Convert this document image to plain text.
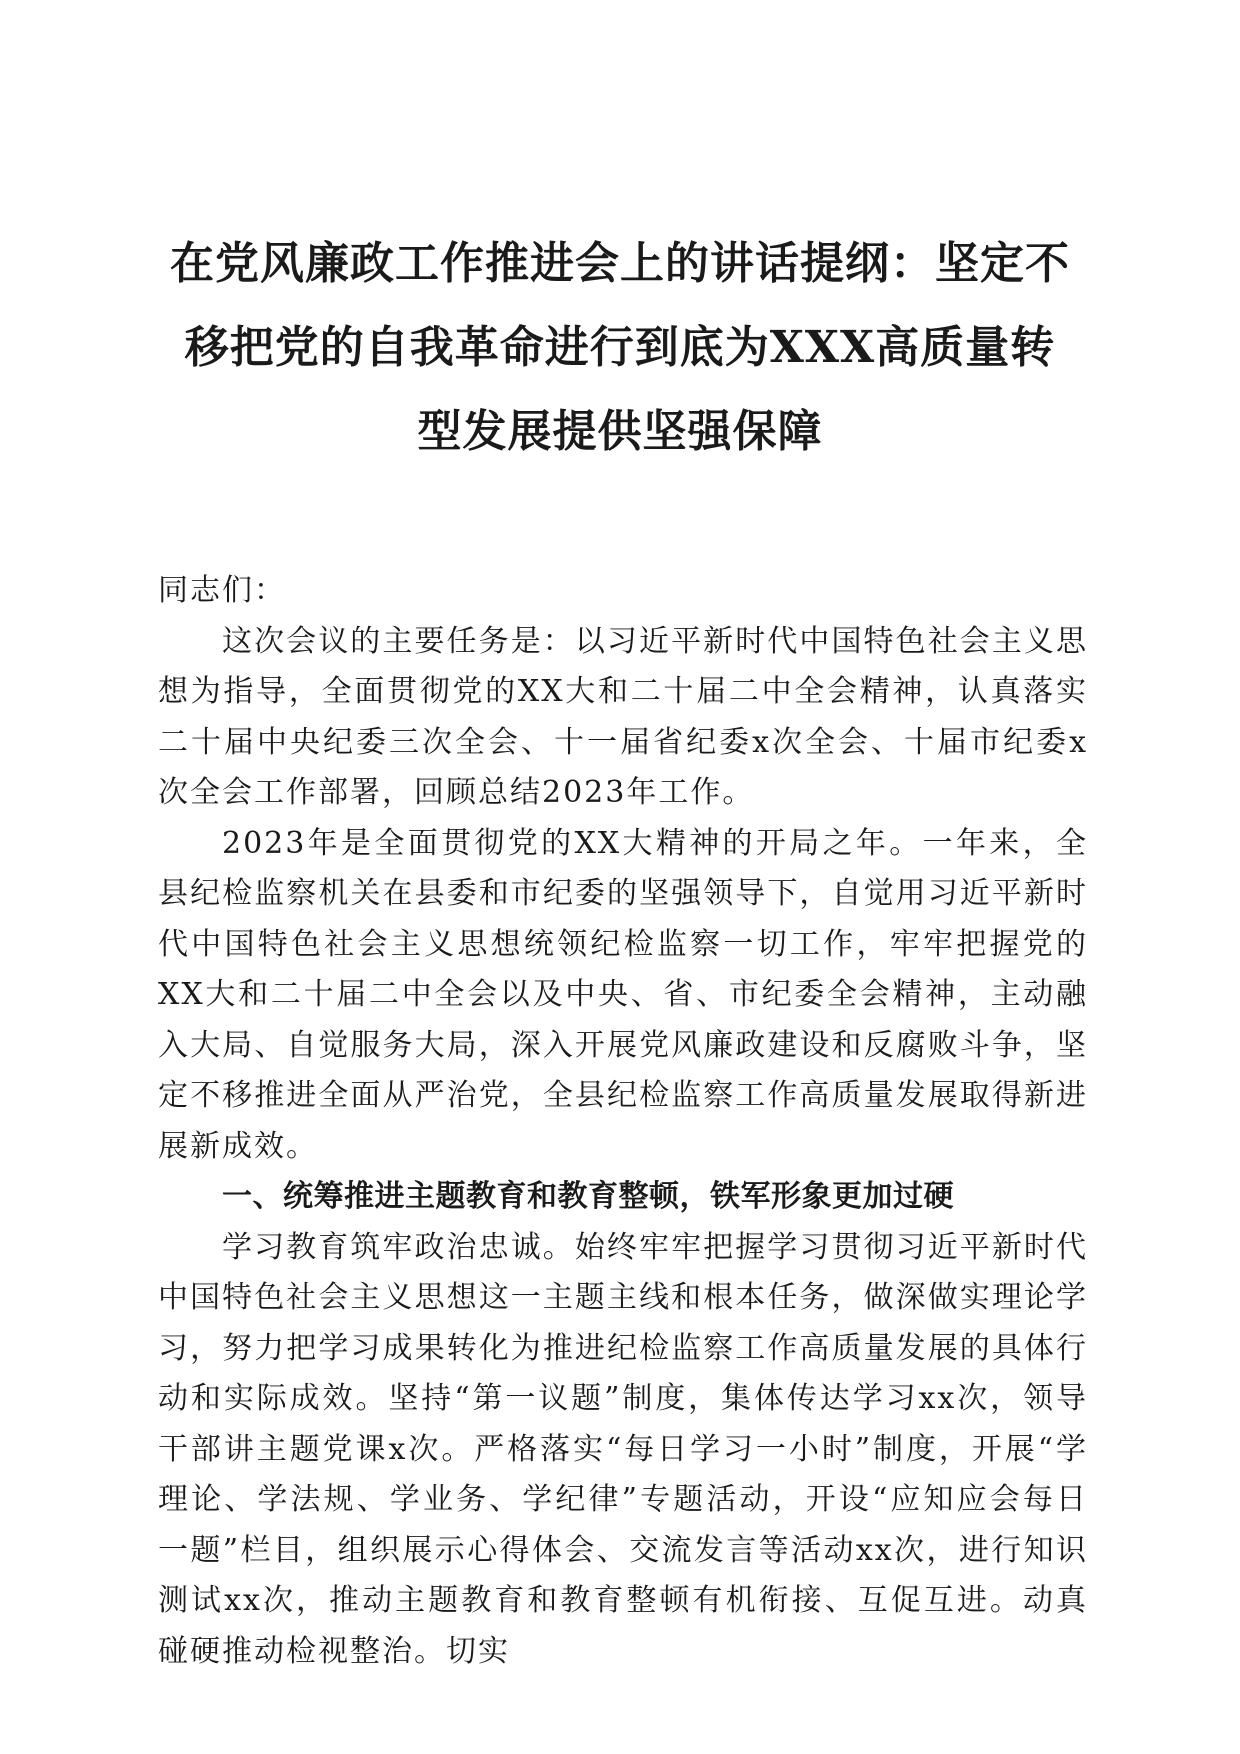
在党风廉政工作推进会上的讲话提纲：坚定不
移把党的自我革命进行到底为XXX高质量转
型发展提供坚强保障

同志们：

这次会议的主要任务是：以习近平新时代中国特色社会主义思想为指导，全面贯彻党的XX大和二十届二中全会精神，认真落实二十届中央纪委三次全会、十一届省纪委x次全会、十届市纪委x次全会工作部署，回顾总结2023年工作。

2023年是全面贯彻党的XX大精神的开局之年。一年来，全县纪检监察机关在县委和市纪委的坚强领导下，自觉用习近平新时代中国特色社会主义思想统领纪检监察一切工作，牢牢把握党的XX大和二十届二中全会以及中央、省、市纪委全会精神，主动融入大局、自觉服务大局，深入开展党风廉政建设和反腐败斗争，坚定不移推进全面从严治党，全县纪检监察工作高质量发展取得新进展新成效。

一、统筹推进主题教育和教育整顿，铁军形象更加过硬

学习教育筑牢政治忠诚。始终牢牢把握学习贯彻习近平新时代中国特色社会主义思想这一主题主线和根本任务，做深做实理论学习，努力把学习成果转化为推进纪检监察工作高质量发展的具体行动和实际成效。坚持“第一议题”制度，集体传达学习xx次，领导干部讲主题党课x次。严格落实“每日学习一小时”制度，开展“学理论、学法规、学业务、学纪律”专题活动，开设“应知应会每日一题”栏目，组织展示心得体会、交流发言等活动xx次，进行知识测试xx次，推动主题教育和教育整顿有机衔接、互促互进。动真碰硬推动检视整治。切实
